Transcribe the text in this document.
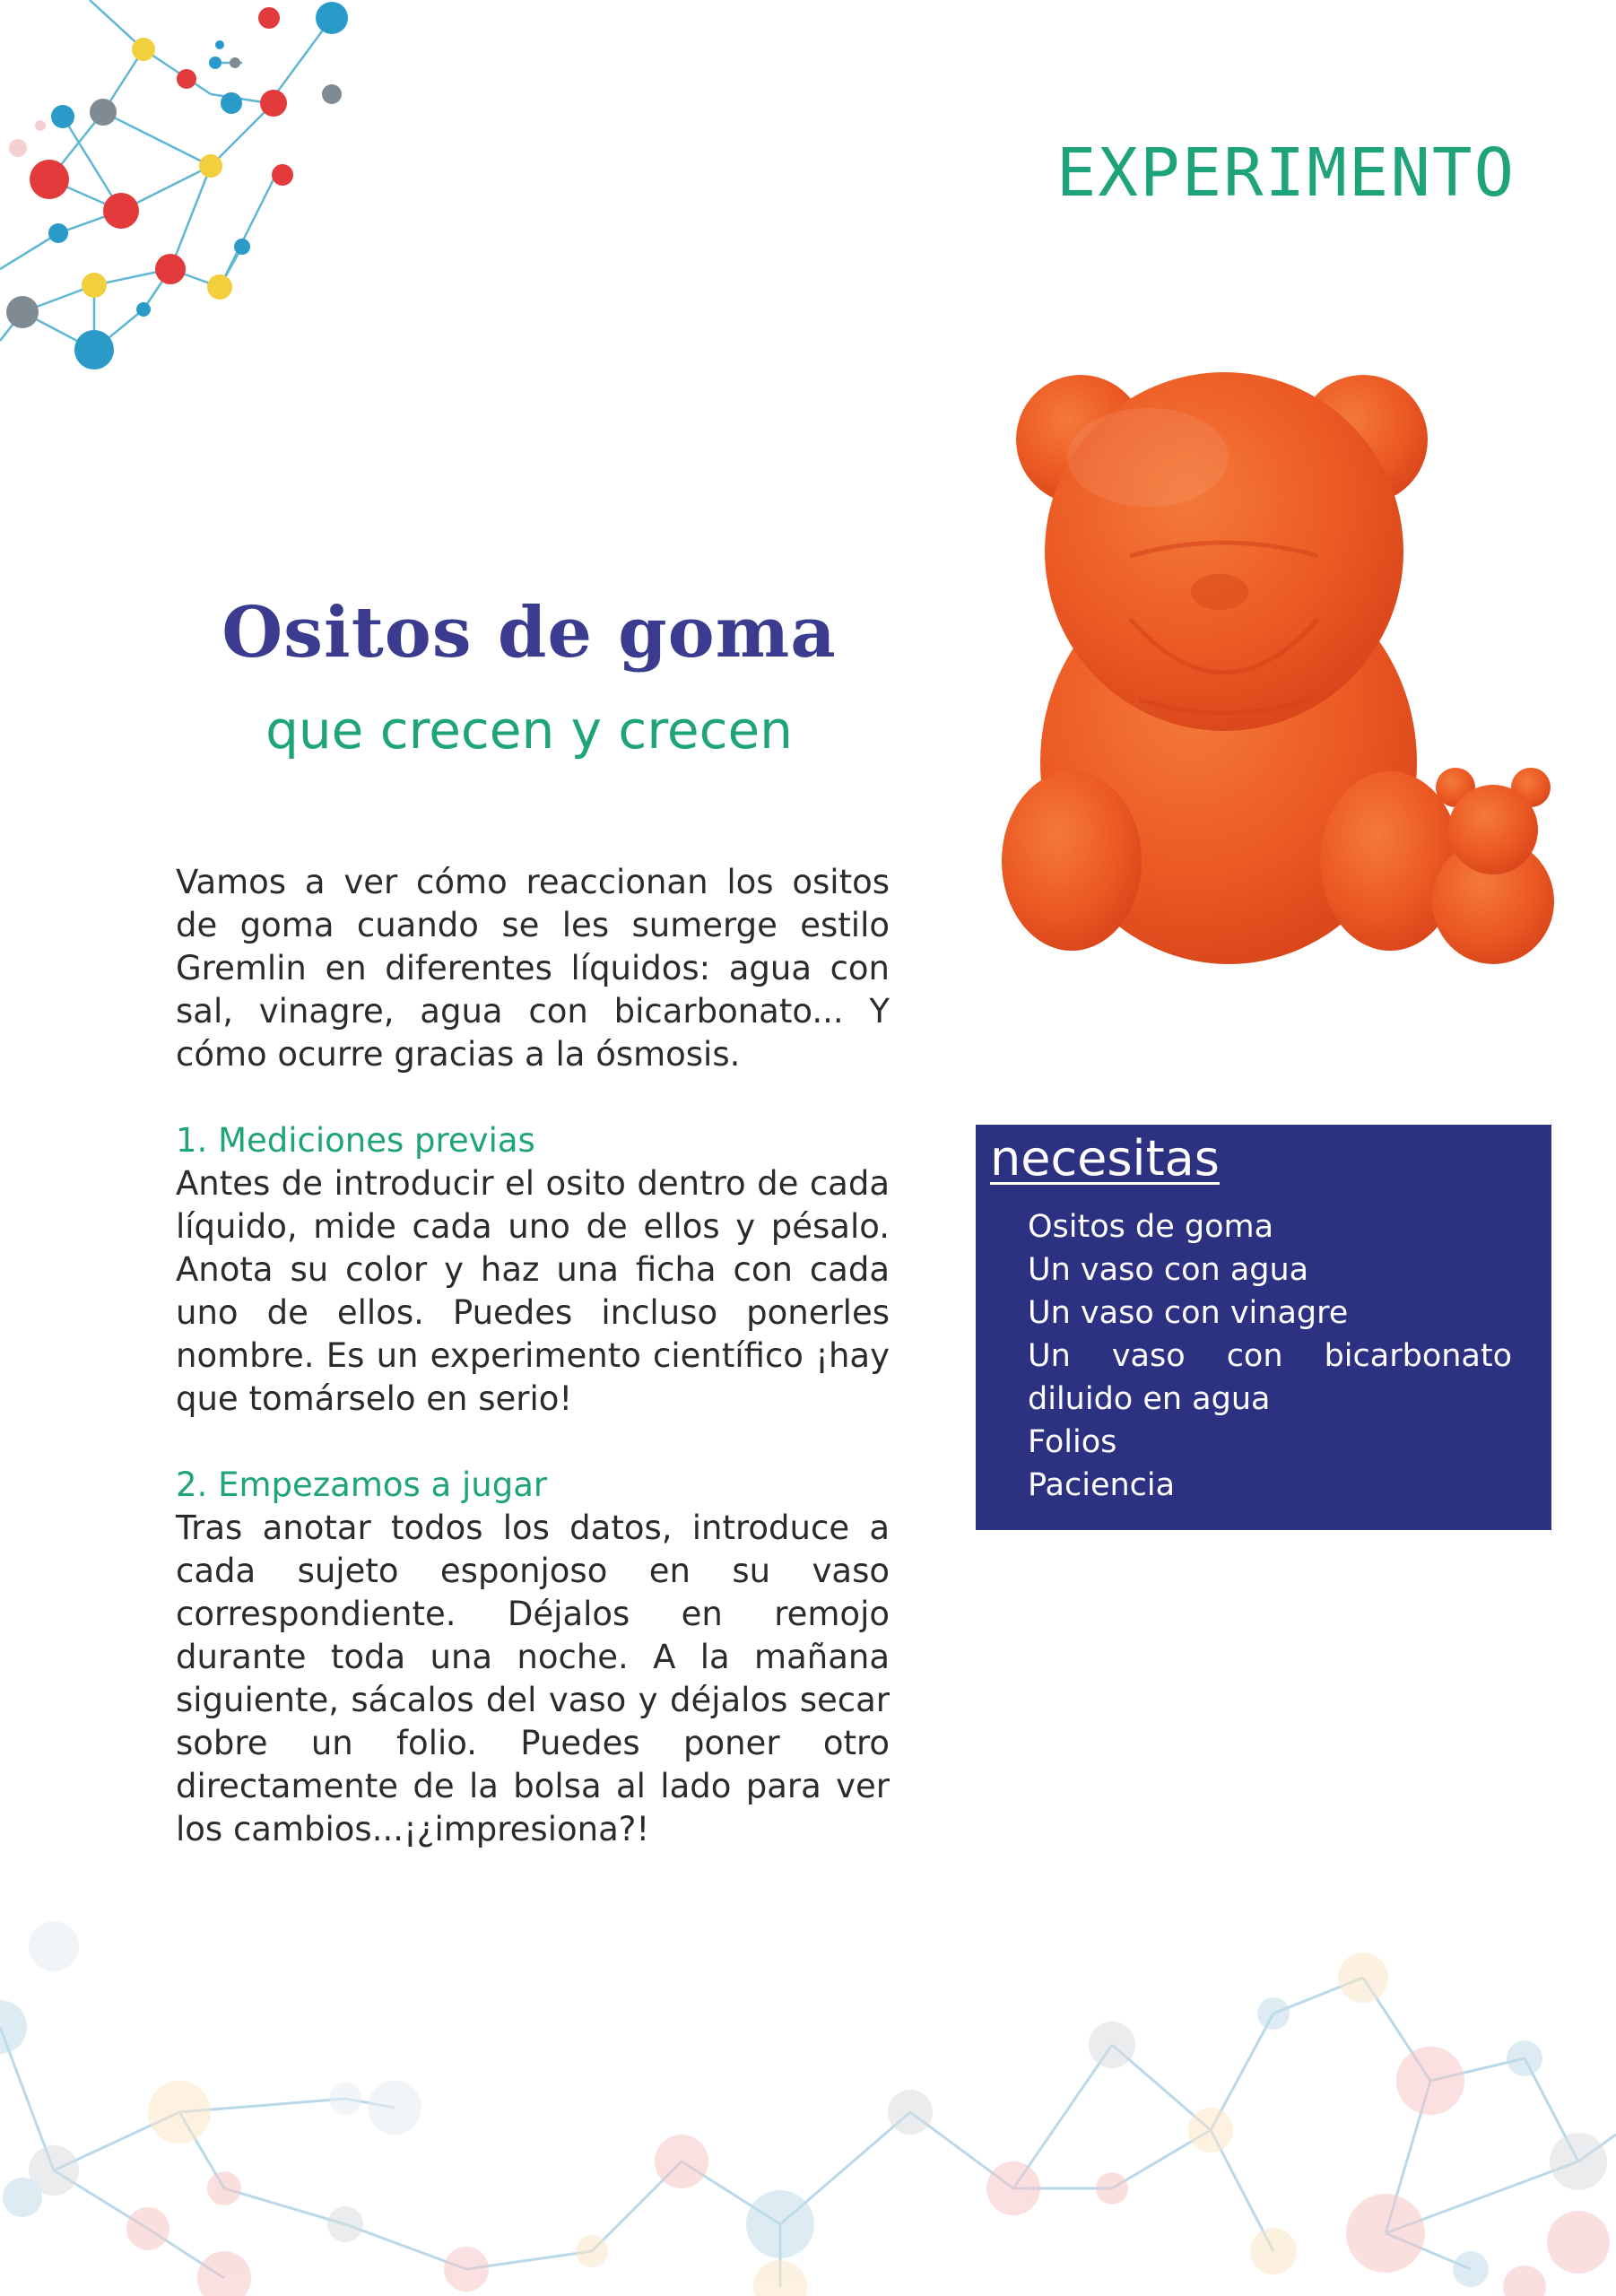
EXPERIMENTO
Ositos de goma
que crecen y crecen

Vamos a ver cómo reaccionan los ositos de goma cuando se les sumerge estilo Gremlin en diferentes líquidos: agua con sal, vinagre, agua con bicarbonato... Y cómo ocurre gracias a la ósmosis.

1. Mediciones previas

Antes de introducir el osito dentro de cada líquido, mide cada uno de ellos y pésalo. Anota su color y haz una ficha con cada uno de ellos. Puedes incluso ponerles nombre. Es un experimento científico ¡hay que tomárselo en serio!

2. Empezamos a jugar

Tras anotar todos los datos, introduce a cada sujeto esponjoso en su vaso correspondiente. Déjalos en remojo durante toda una noche. A la mañana siguiente, sácalos del vaso y déjalos secar sobre un folio. Puedes poner otro directamente de la bolsa al lado para ver los cambios...¡¿impresiona?!

necesitas
Ositos de goma
Un vaso con agua
Un vaso con vinagre
Un vaso con bicarbonato diluido en agua
Folios
Paciencia
